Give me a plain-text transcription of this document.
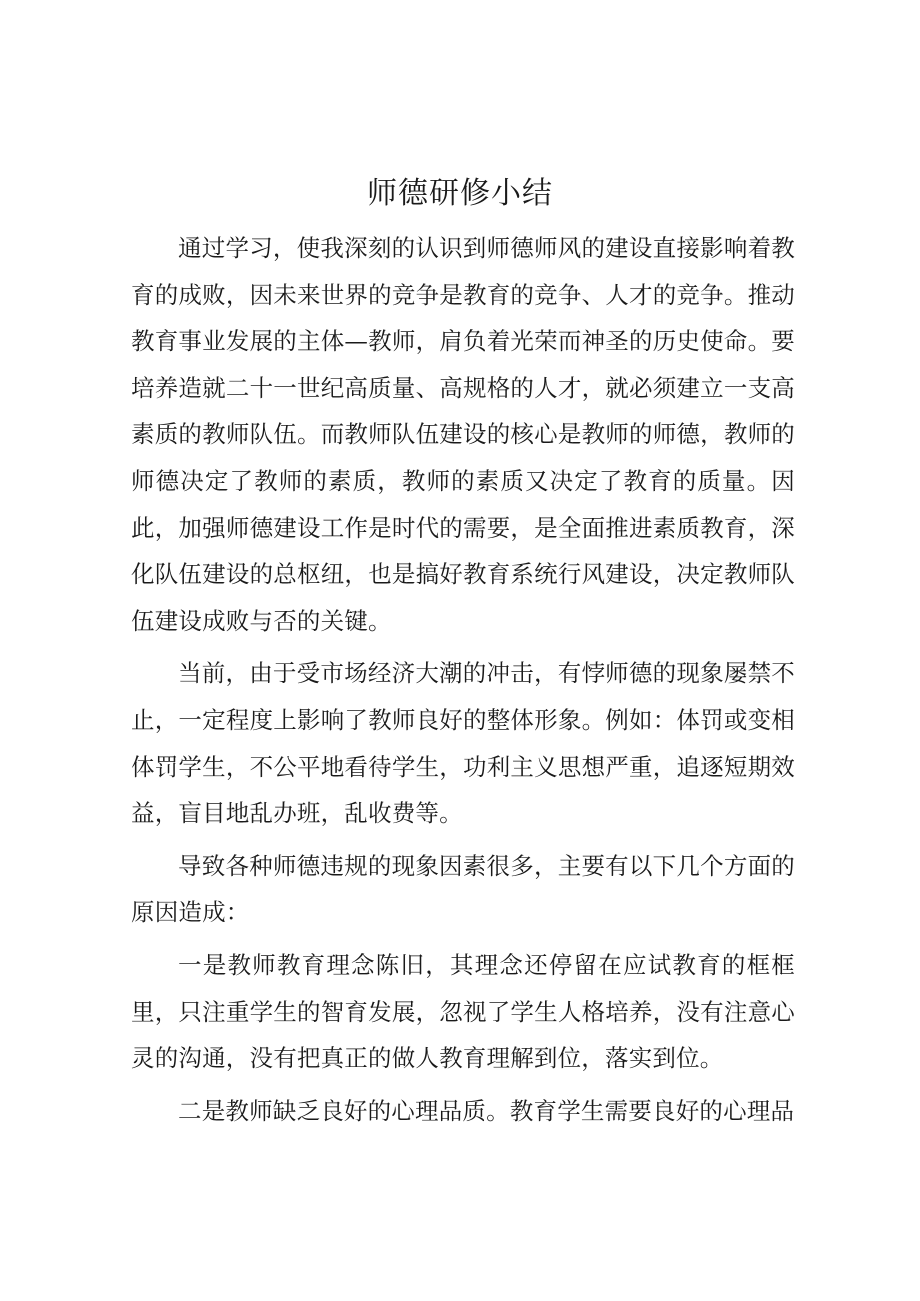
师德研修小结

通过学习，使我深刻的认识到师德师风的建设直接影响着教育的成败，因未来世界的竞争是教育的竞争、人才的竞争。推动教育事业发展的主体—教师，肩负着光荣而神圣的历史使命。要培养造就二十一世纪高质量、高规格的人才，就必须建立一支高素质的教师队伍。而教师队伍建设的核心是教师的师德，教师的师德决定了教师的素质，教师的素质又决定了教育的质量。因此，加强师德建设工作是时代的需要，是全面推进素质教育，深化队伍建设的总枢纽，也是搞好教育系统行风建设，决定教师队伍建设成败与否的关键。

当前，由于受市场经济大潮的冲击，有悖师德的现象屡禁不止，一定程度上影响了教师良好的整体形象。例如：体罚或变相体罚学生，不公平地看待学生，功利主义思想严重，追逐短期效益，盲目地乱办班，乱收费等。

导致各种师德违规的现象因素很多，主要有以下几个方面的原因造成：

一是教师教育理念陈旧，其理念还停留在应试教育的框框里，只注重学生的智育发展，忽视了学生人格培养，没有注意心灵的沟通，没有把真正的做人教育理解到位，落实到位。

二是教师缺乏良好的心理品质。教育学生需要良好的心理品
